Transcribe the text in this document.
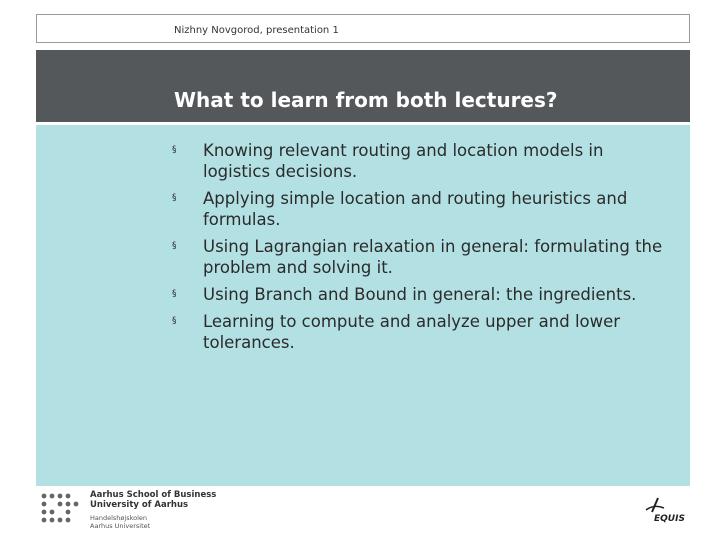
Nizhny Novgorod, presentation 1
What to learn from both lectures?
§ Knowing relevant routing and location models in logistics decisions.
§ Applying simple location and routing heuristics and formulas.
§ Using Lagrangian relaxation in general: formulating the problem and solving it.
§ Using Branch and Bound in general: the ingredients.
§ Learning to compute and analyze upper and lower tolerances.
Aarhus School of Business
University of Aarhus
Handelshøjskolen
Aarhus Universitet
EQUIS
